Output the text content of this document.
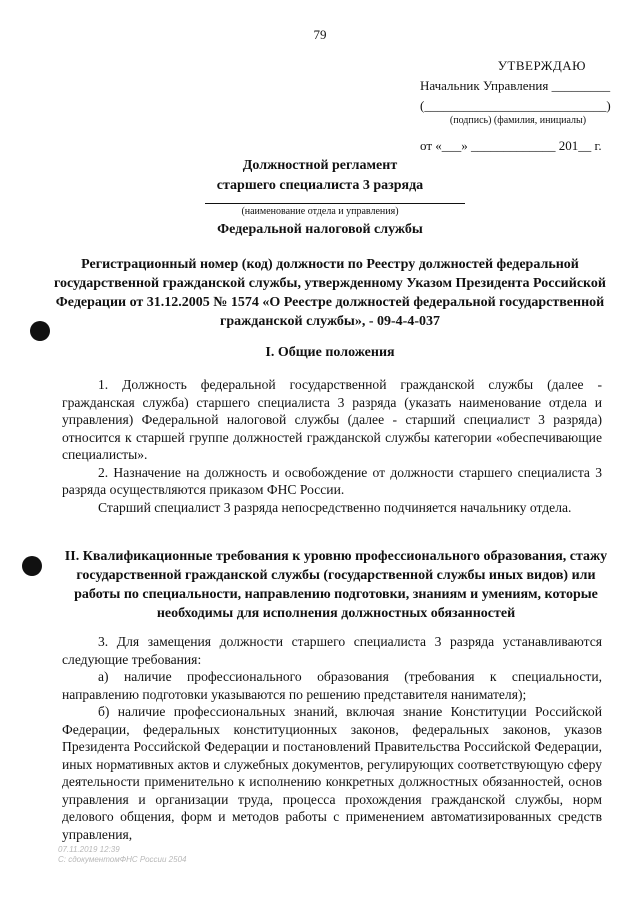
79
УТВЕРЖДАЮ
Начальник Управления _________
(____________________________)
(подпись) (фамилия, инициалы)
от «___» _____________ 201__ г.
Должностной регламент
старшего специалиста 3 разряда
(наименование отдела и управления)
Федеральной налоговой службы
Регистрационный номер (код) должности по Реестру должностей федеральной государственной гражданской службы, утвержденному Указом Президента Российской Федерации от 31.12.2005 № 1574 «О Реестре должностей федеральной государственной гражданской службы», - 09-4-4-037
I. Общие положения

1. Должность федеральной государственной гражданской службы (далее - гражданская служба) старшего специалиста 3 разряда (указать наименование отдела и управления) Федеральной налоговой службы (далее - старший специалист 3 разряда) относится к старшей группе должностей гражданской службы категории «обеспечивающие специалисты».

2. Назначение на должность и освобождение от должности старшего специалиста 3 разряда осуществляются приказом ФНС России.

Старший специалист 3 разряда непосредственно подчиняется начальнику отдела.

II. Квалификационные требования к уровню профессионального образования, стажу государственной гражданской службы (государственной службы иных видов) или работы по специальности, направлению подготовки, знаниям и умениям, которые необходимы для исполнения должностных обязанностей

3. Для замещения должности старшего специалиста 3 разряда устанавливаются следующие требования:

а) наличие профессионального образования (требования к специальности, направлению подготовки указываются по решению представителя нанимателя);

б) наличие профессиональных знаний, включая знание Конституции Российской Федерации, федеральных конституционных законов, федеральных законов, указов Президента Российской Федерации и постановлений Правительства Российской Федерации, иных нормативных актов и служебных документов, регулирующих соответствующую сферу деятельности применительно к исполнению конкретных должностных обязанностей, основ управления и организации труда, процесса прохождения гражданской службы, норм делового общения, форм и методов работы с применением автоматизированных средств управления,

07.11.2019 12:39
С: сдокументомФНС России 2504
